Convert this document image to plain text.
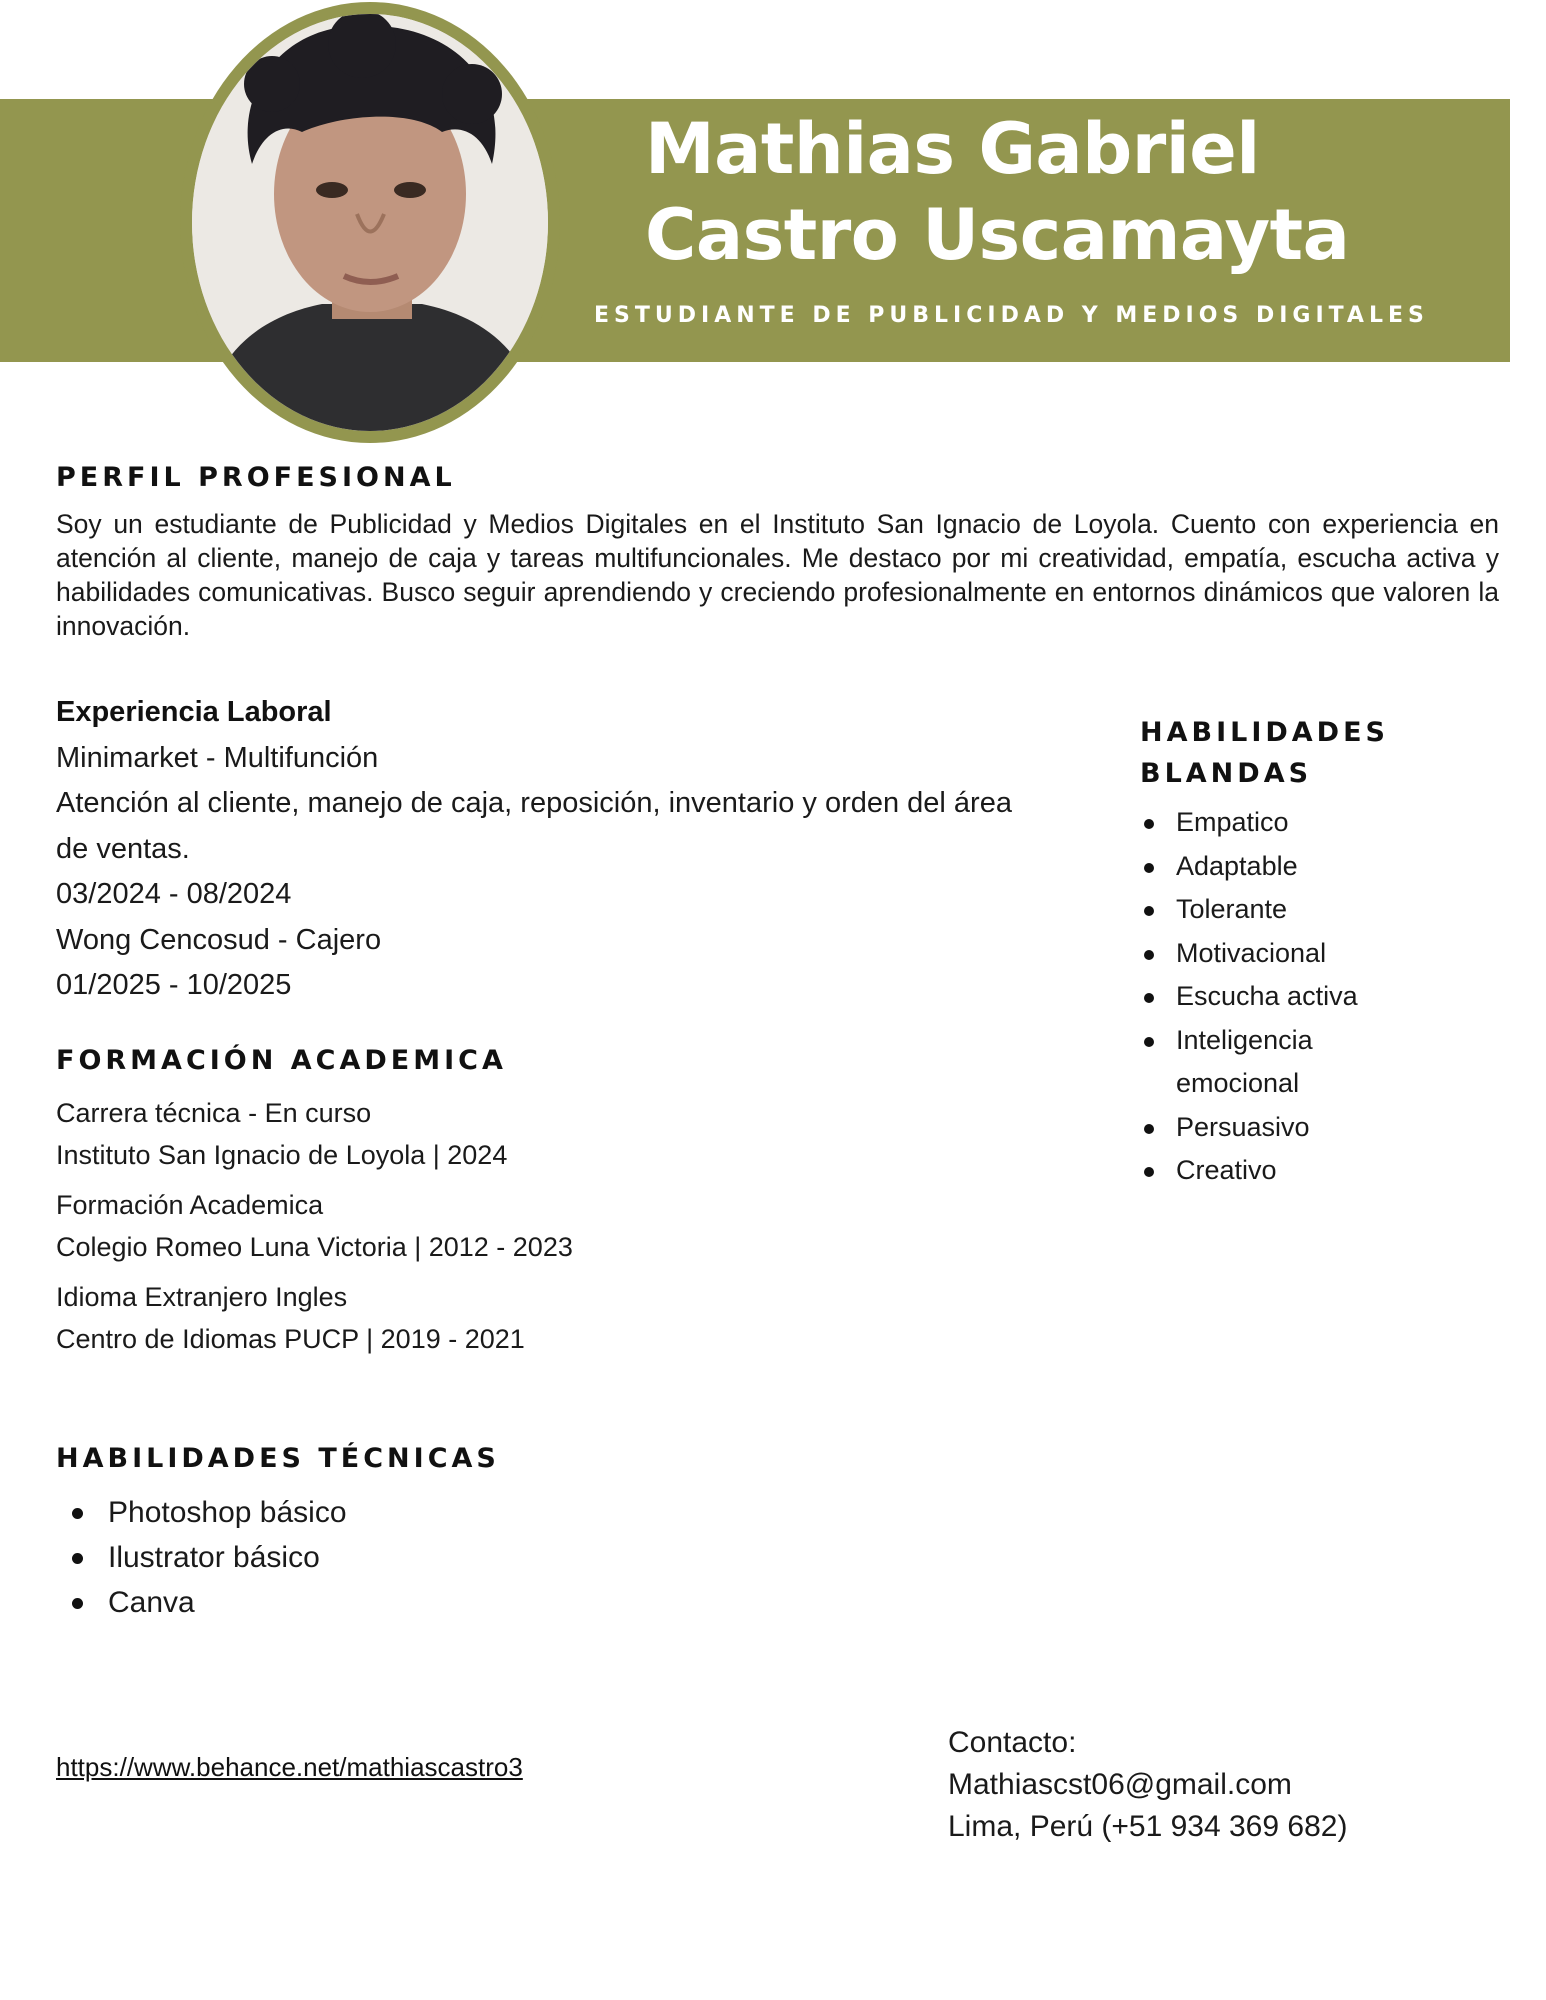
Mathias Gabriel
Castro Uscamayta
ESTUDIANTE DE PUBLICIDAD Y MEDIOS DIGITALES
PERFIL PROFESIONAL
Soy un estudiante de Publicidad y Medios Digitales en el Instituto San Ignacio de Loyola. Cuento con experiencia en atención al cliente, manejo de caja y tareas multifuncionales. Me destaco por mi creatividad, empatía, escucha activa y habilidades comunicativas. Busco seguir aprendiendo y creciendo profesionalmente en entornos dinámicos que valoren la innovación.
Experiencia Laboral
Minimarket - Multifunción
Atención al cliente, manejo de caja, reposición, inventario y orden del área de ventas.
03/2024 - 08/2024
Wong Cencosud - Cajero
01/2025 - 10/2025
FORMACIÓN ACADEMICA
Carrera técnica - En curso
Instituto San Ignacio de Loyola | 2024
Formación Academica
Colegio Romeo Luna Victoria | 2012 - 2023
Idioma Extranjero Ingles
Centro de Idiomas PUCP | 2019 - 2021
HABILIDADES
BLANDAS
Empatico
Adaptable
Tolerante
Motivacional
Escucha activa
Inteligencia emocional
Persuasivo
Creativo
HABILIDADES TÉCNICAS
Photoshop básico
Ilustrator básico
Canva
https://www.behance.net/mathiascastro3
Contacto:
Mathiascst06@gmail.com
Lima, Perú (+51 934 369 682)
